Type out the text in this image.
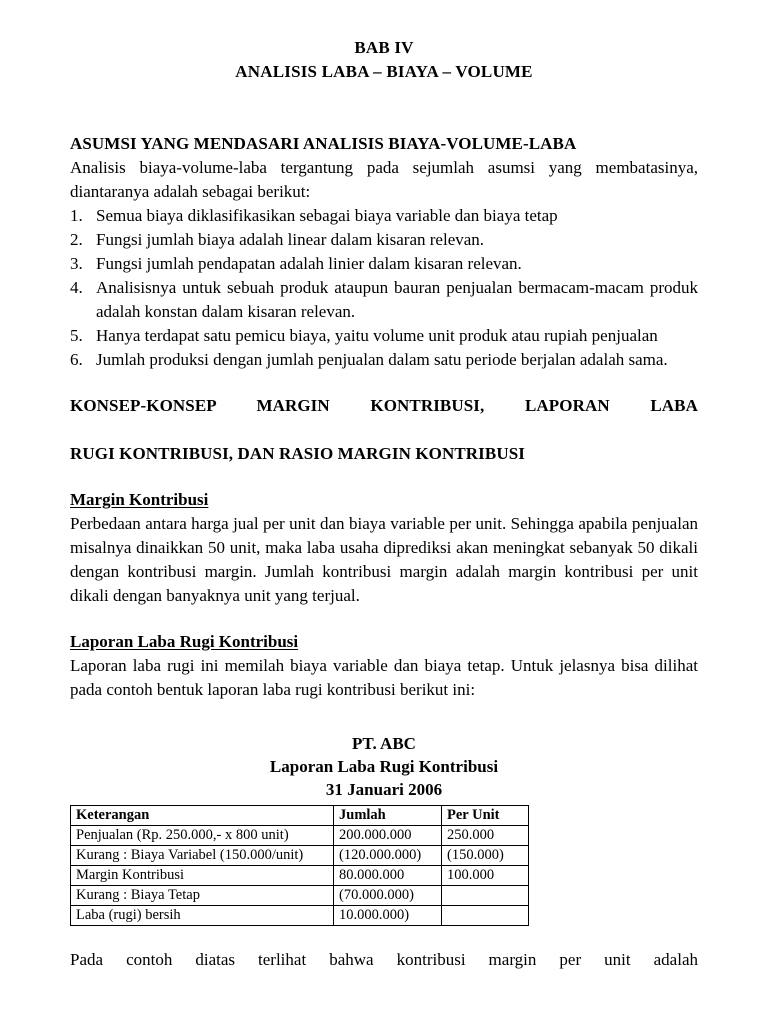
BAB IV
ANALISIS LABA – BIAYA – VOLUME
ASUMSI YANG MENDASARI ANALISIS BIAYA-VOLUME-LABA

Analisis biaya-volume-laba tergantung pada sejumlah asumsi yang membatasinya, diantaranya adalah sebagai berikut:

1. Semua biaya diklasifikasikan sebagai biaya variable dan biaya tetap
2. Fungsi jumlah biaya adalah linear dalam kisaran relevan.
3. Fungsi jumlah pendapatan adalah linier dalam kisaran relevan.
4. Analisisnya untuk sebuah produk ataupun bauran penjualan bermacam-macam produk adalah konstan dalam kisaran relevan.
5. Hanya terdapat satu pemicu biaya, yaitu volume unit produk atau rupiah penjualan
6. Jumlah produksi dengan jumlah penjualan dalam satu periode berjalan adalah sama.
KONSEP-KONSEP MARGIN KONTRIBUSI, LAPORAN LABA
RUGI KONTRIBUSI, DAN RASIO MARGIN KONTRIBUSI
Margin Kontribusi

Perbedaan antara harga jual per unit dan biaya variable per unit. Sehingga apabila penjualan misalnya dinaikkan 50 unit, maka laba usaha diprediksi akan meningkat sebanyak 50 dikali dengan kontribusi margin. Jumlah kontribusi margin adalah margin kontribusi per unit dikali dengan banyaknya unit yang terjual.

Laporan Laba Rugi Kontribusi

Laporan laba rugi ini memilah biaya variable dan biaya tetap. Untuk jelasnya bisa dilihat pada contoh bentuk laporan laba rugi kontribusi berikut ini:

PT. ABC
Laporan Laba Rugi Kontribusi
31 Januari 2006
Keterangan	Jumlah	Per Unit
Penjualan (Rp. 250.000,- x 800 unit)	200.000.000	250.000
Kurang : Biaya Variabel (150.000/unit)	(120.000.000)	(150.000)
Margin Kontribusi	80.000.000	100.000
Kurang : Biaya Tetap	(70.000.000)	
Laba (rugi) bersih	10.000.000)	

Pada contoh diatas terlihat bahwa kontribusi margin per unit adalah
